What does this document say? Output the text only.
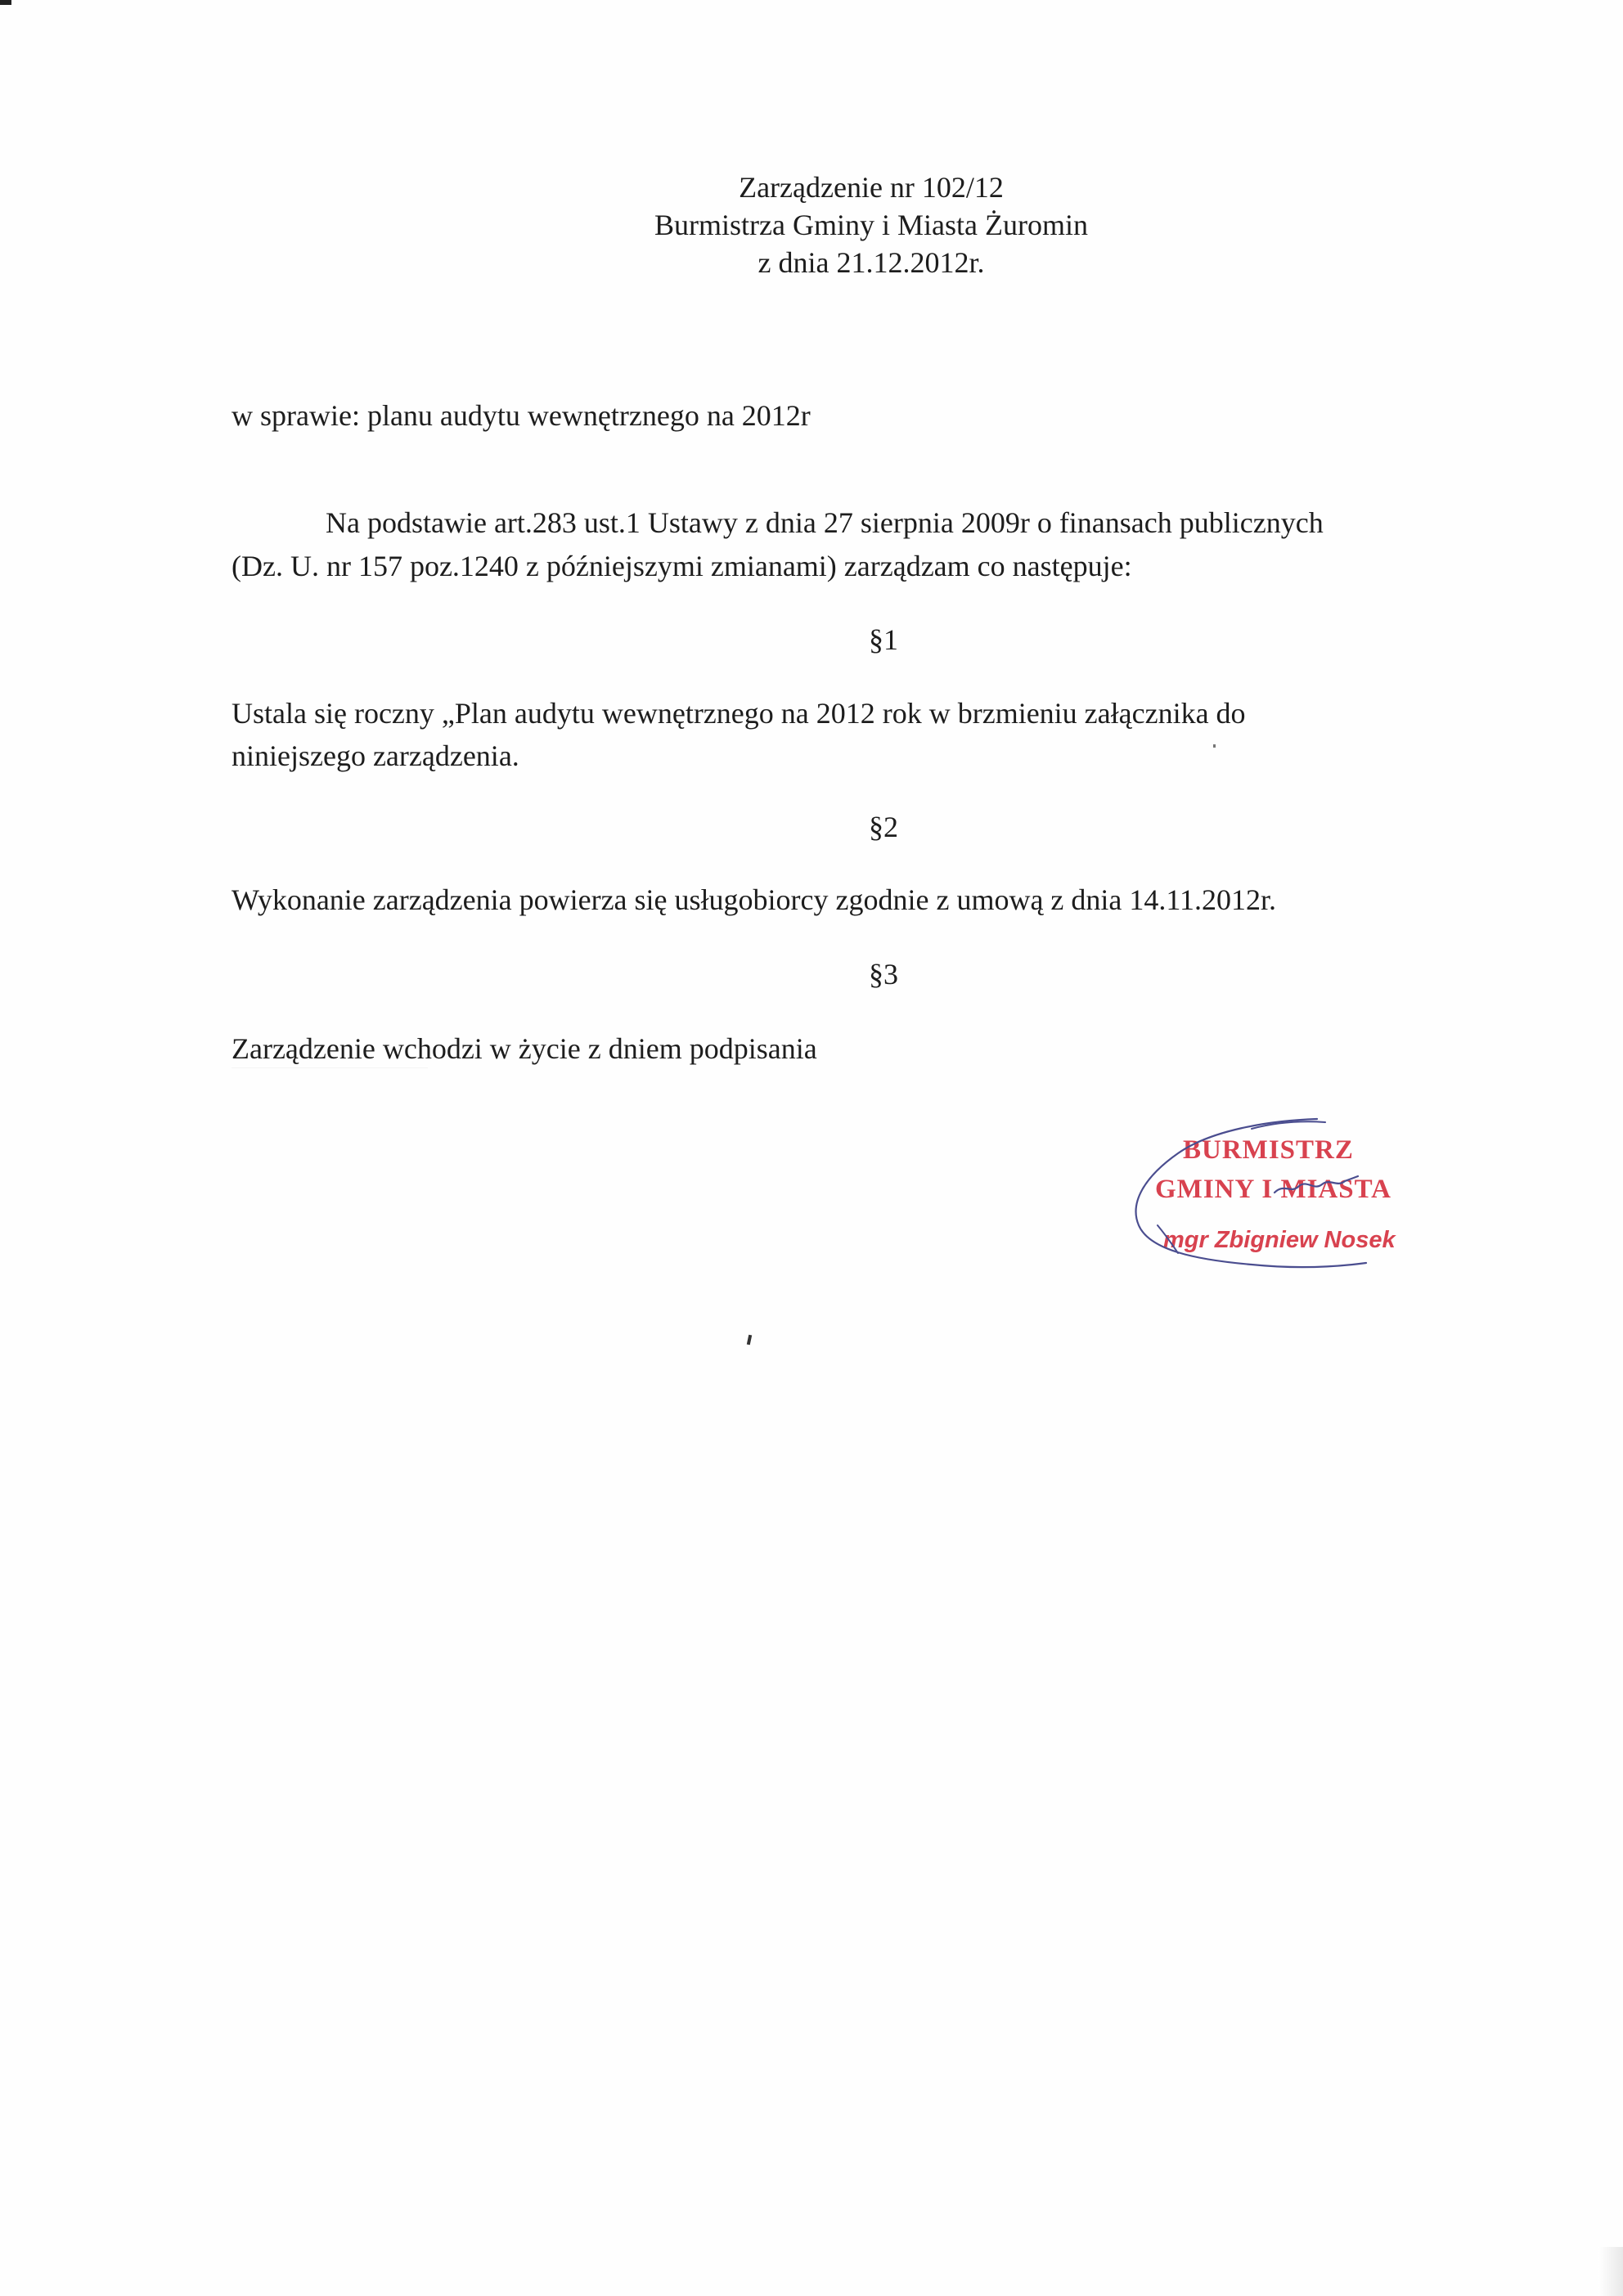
Zarządzenie nr 102/12
Burmistrza Gminy i Miasta Żuromin
z dnia 21.12.2012r.
w sprawie: planu audytu wewnętrznego na 2012r
Na podstawie art.283 ust.1 Ustawy z dnia 27 sierpnia 2009r o finansach publicznych
(Dz. U. nr 157 poz.1240 z późniejszymi zmianami) zarządzam co następuje:
§1
Ustala się roczny „Plan audytu wewnętrznego na 2012 rok w brzmieniu załącznika do
niniejszego zarządzenia.
§2
Wykonanie zarządzenia powierza się usługobiorcy zgodnie z umową z dnia 14.11.2012r.
§3
Zarządzenie wchodzi w życie z dniem podpisania
BURMISTRZ
GMINY I MIASTA
mgr Zbigniew Nosek
